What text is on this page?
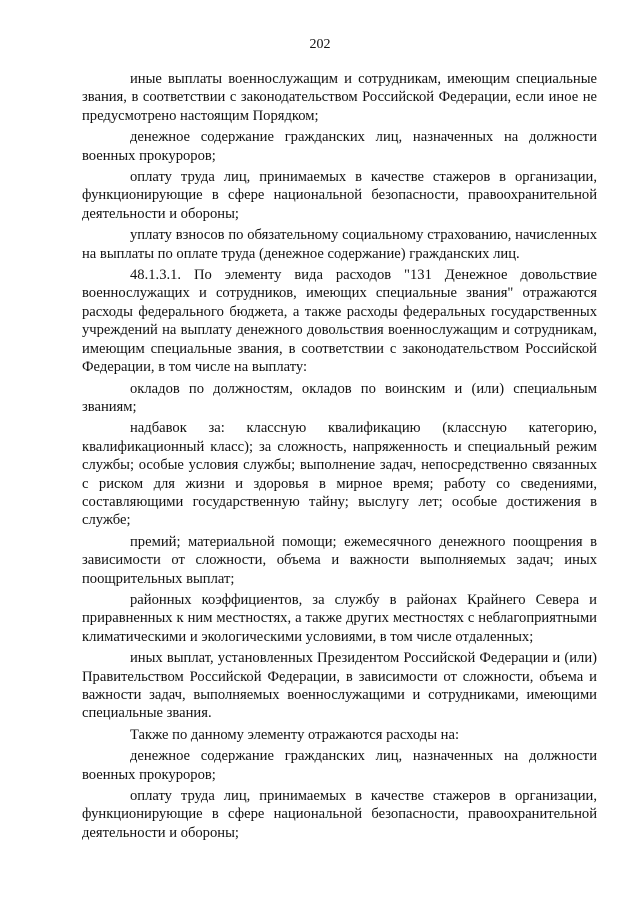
202

иные выплаты военнослужащим и сотрудникам, имеющим специальные звания, в соответствии с законодательством Российской Федерации, если иное не предусмотрено настоящим Порядком;

денежное содержание гражданских лиц, назначенных на должности военных прокуроров;

оплату труда лиц, принимаемых в качестве стажеров в организации, функционирующие в сфере национальной безопасности, правоохранительной деятельности и обороны;

уплату взносов по обязательному социальному страхованию, начисленных на выплаты по оплате труда (денежное содержание) гражданских лиц.

48.1.3.1. По элементу вида расходов "131 Денежное довольствие военнослужащих и сотрудников, имеющих специальные звания" отражаются расходы федерального бюджета, а также расходы федеральных государственных учреждений на выплату денежного довольствия военнослужащим и сотрудникам, имеющим специальные звания, в соответствии с законодательством Российской Федерации, в том числе на выплату:

окладов по должностям, окладов по воинским и (или) специальным званиям;

надбавок за: классную квалификацию (классную категорию, квалификационный класс); за сложность, напряженность и специальный режим службы; особые условия службы; выполнение задач, непосредственно связанных с риском для жизни и здоровья в мирное время; работу со сведениями, составляющими государственную тайну; выслугу лет; особые достижения в службе;

премий; материальной помощи; ежемесячного денежного поощрения в зависимости от сложности, объема и важности выполняемых задач; иных поощрительных выплат;

районных коэффициентов, за службу в районах Крайнего Севера и приравненных к ним местностях, а также других местностях с неблагоприятными климатическими и экологическими условиями, в том числе отдаленных;

иных выплат, установленных Президентом Российской Федерации и (или) Правительством Российской Федерации, в зависимости от сложности, объема и важности задач, выполняемых военнослужащими и сотрудниками, имеющими специальные звания.

Также по данному элементу отражаются расходы на:

денежное содержание гражданских лиц, назначенных на должности военных прокуроров;

оплату труда лиц, принимаемых в качестве стажеров в организации, функционирующие в сфере национальной безопасности, правоохранительной деятельности и обороны;
